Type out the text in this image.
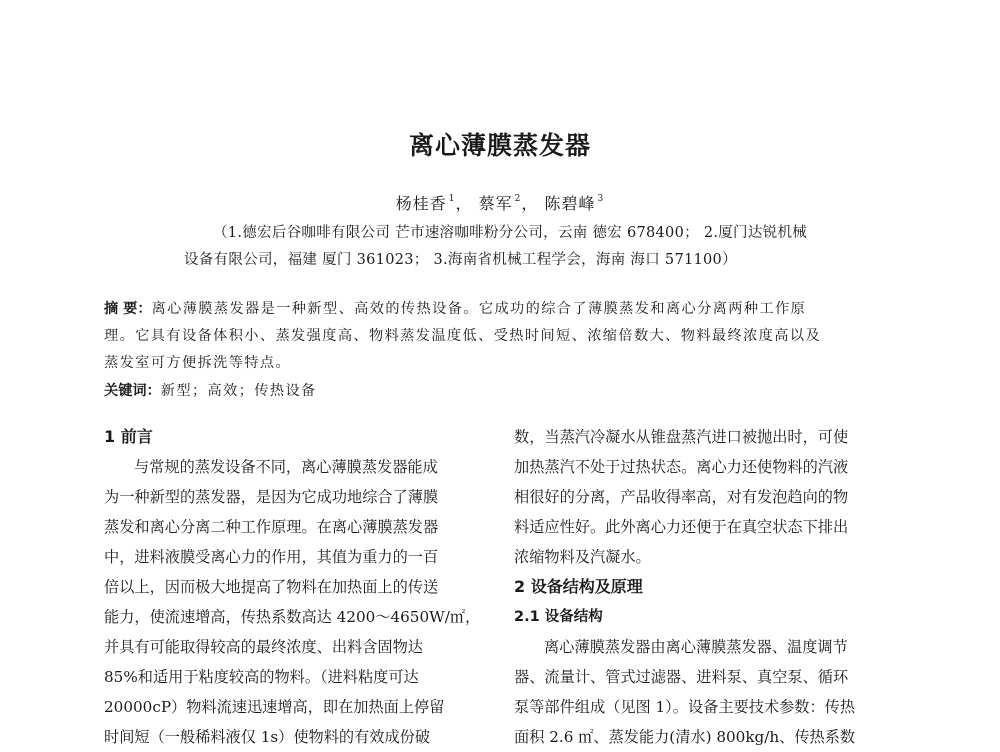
离心薄膜蒸发器
杨桂香 $^1$， 蔡军 $^2$， 陈碧峰 $^3$
（1.德宏后谷咖啡有限公司 芒市速溶咖啡粉分公司，云南 德宏 678400； 2.厦门达锐机械
设备有限公司，福建 厦门 361023； 3.海南省机械工程学会，海南 海口 571100）
摘 要：离心薄膜蒸发器是一种新型、高效的传热设备。它成功的综合了薄膜蒸发和离心分离两种工作原
理。它具有设备体积小、蒸发强度高、物料蒸发温度低、受热时间短、浓缩倍数大、物料最终浓度高以及
蒸发室可方便拆洗等特点。
关键词：新型；高效；传热设备
1 前言
与常规的蒸发设备不同，离心薄膜蒸发器能成
为一种新型的蒸发器，是因为它成功地综合了薄膜
蒸发和离心分离二种工作原理。在离心薄膜蒸发器
中，进料液膜受离心力的作用，其值为重力的一百
倍以上，因而极大地提高了物料在加热面上的传送
能力，使流速增高，传热系数高达 4200～4650W/㎡，
并具有可能取得较高的最终浓度、出料含固物达
85%和适用于粘度较高的物料。（进料粘度可达
20000cP）物料流速迅速增高，即在加热面上停留
时间短（一般稀料液仅 1s）使物料的有效成份破
数，当蒸汽冷凝水从锥盘蒸汽进口被抛出时，可使
加热蒸汽不处于过热状态。离心力还使物料的汽液
相很好的分离，产品收得率高，对有发泡趋向的物
料适应性好。此外离心力还便于在真空状态下排出
浓缩物料及汽凝水。
2 设备结构及原理
2.1 设备结构
离心薄膜蒸发器由离心薄膜蒸发器、温度调节
器、流量计、管式过滤器、进料泵、真空泵、循环
泵等部件组成（见图 1）。设备主要技术参数：传热
面积 2.6 ㎡、蒸发能力(清水) 800kg/h、传热系数
